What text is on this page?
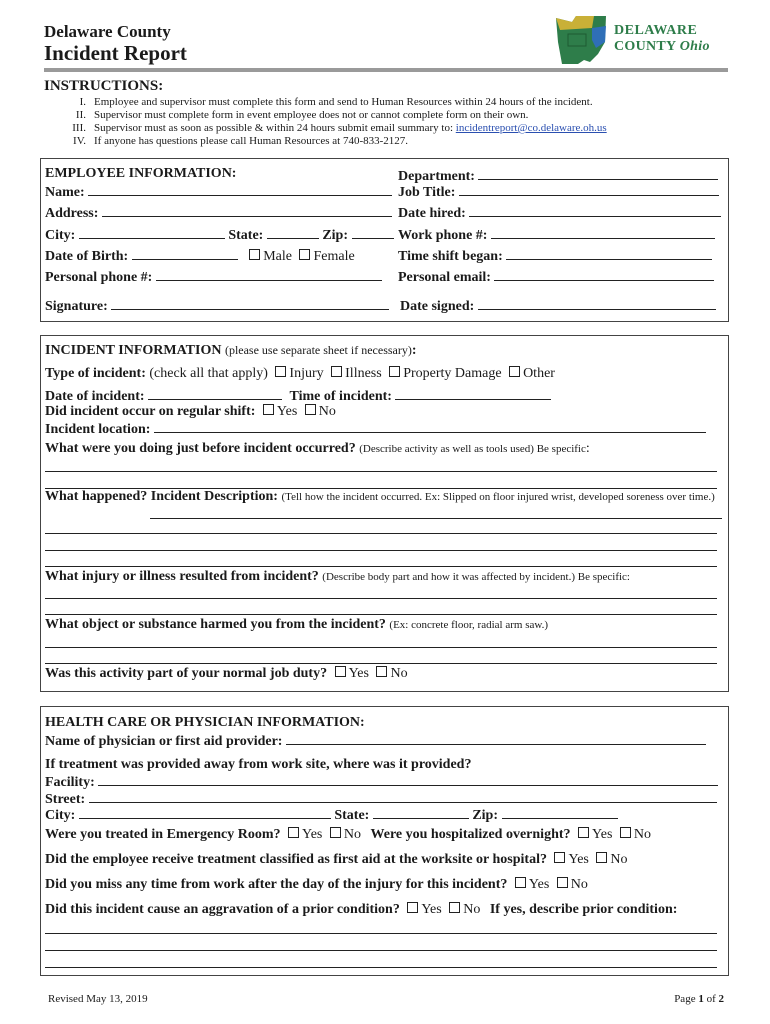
Delaware County
Incident Report
DELAWARE
COUNTY Ohio
INSTRUCTIONS:
I. Employee and supervisor must complete this form and send to Human Resources within 24 hours of the incident.
II. Supervisor must complete form in event employee does not or cannot complete form on their own.
III. Supervisor must as soon as possible & within 24 hours submit email summary to: incidentreport@co.delaware.oh.us
IV. If anyone has questions please call Human Resources at 740-833-2127.
EMPLOYEE INFORMATION:	Department:
Name:	Job Title:
Address:	Date hired:
City:	State:	Zip:	Work phone #:
Date of Birth:	Male Female	Time shift began:
Personal phone #:	Personal email:
Signature:	Date signed:
INCIDENT INFORMATION (please use separate sheet if necessary):
Type of incident: (check all that apply) Injury Illness Property Damage Other
Date of incident:	Time of incident:
Did incident occur on regular shift: Yes No
Incident location:
What were you doing just before incident occurred? (Describe activity as well as tools used) Be specific:
What happened? Incident Description: (Tell how the incident occurred. Ex: Slipped on floor injured wrist, developed soreness over time.)
What injury or illness resulted from incident? (Describe body part and how it was affected by incident.) Be specific:
What object or substance harmed you from the incident? (Ex: concrete floor, radial arm saw.)
Was this activity part of your normal job duty? Yes No
HEALTH CARE OR PHYSICIAN INFORMATION:
Name of physician or first aid provider:
If treatment was provided away from work site, where was it provided?
Facility:
Street:
City:	State:	Zip:
Were you treated in Emergency Room? Yes No Were you hospitalized overnight? Yes No
Did the employee receive treatment classified as first aid at the worksite or hospital? Yes No
Did you miss any time from work after the day of the injury for this incident? Yes No
Did this incident cause an aggravation of a prior condition? Yes No If yes, describe prior condition:
Revised May 13, 2019	Page 1 of 2
